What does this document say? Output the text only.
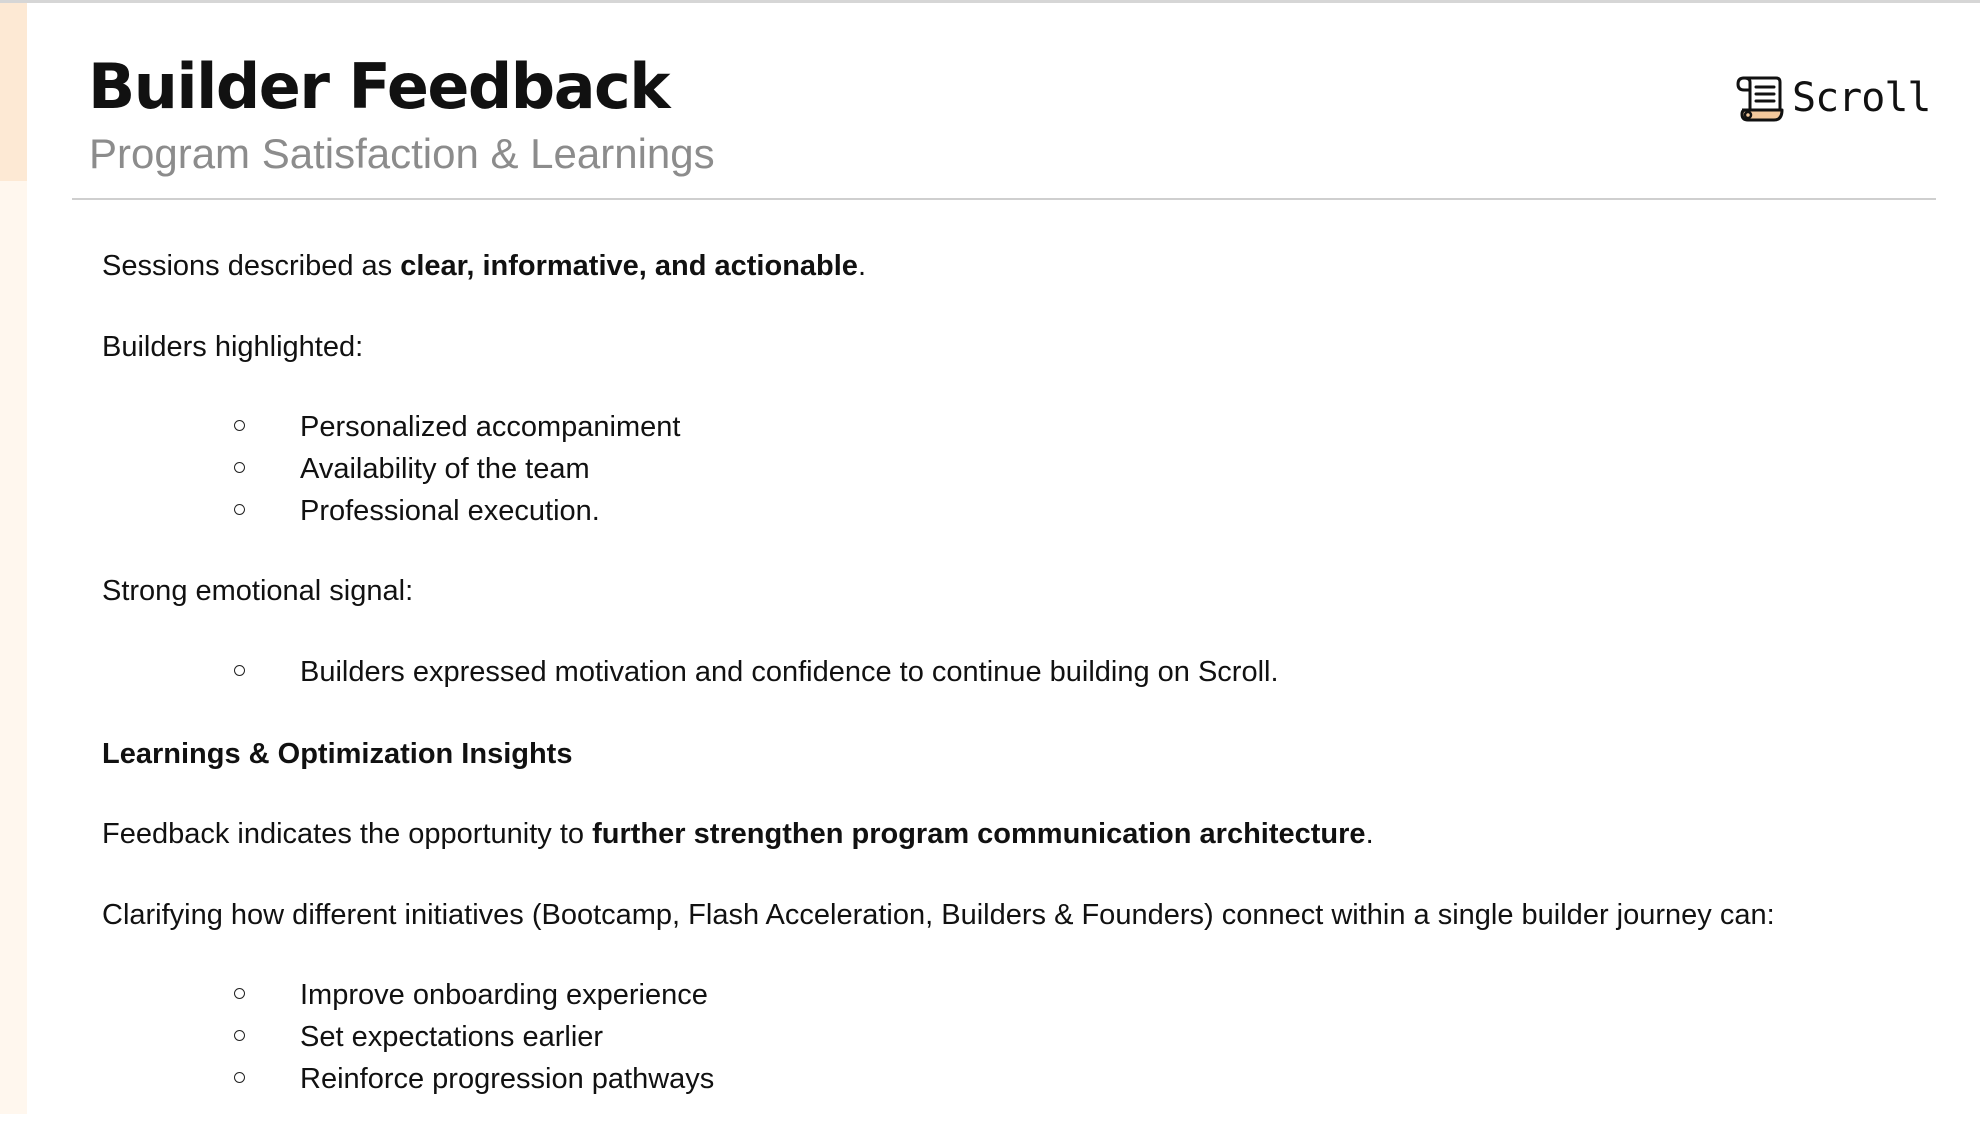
Builder Feedback
Program Satisfaction & Learnings
Scroll

Sessions described as clear, informative, and actionable.

Builders highlighted:

Personalized accompaniment
Availability of the team
Professional execution.

Strong emotional signal:

Builders expressed motivation and confidence to continue building on Scroll.
Learnings & Optimization Insights

Feedback indicates the opportunity to further strengthen program communication architecture.

Clarifying how different initiatives (Bootcamp, Flash Acceleration, Builders & Founders) connect within a single builder journey can:

Improve onboarding experience
Set expectations earlier
Reinforce progression pathways
